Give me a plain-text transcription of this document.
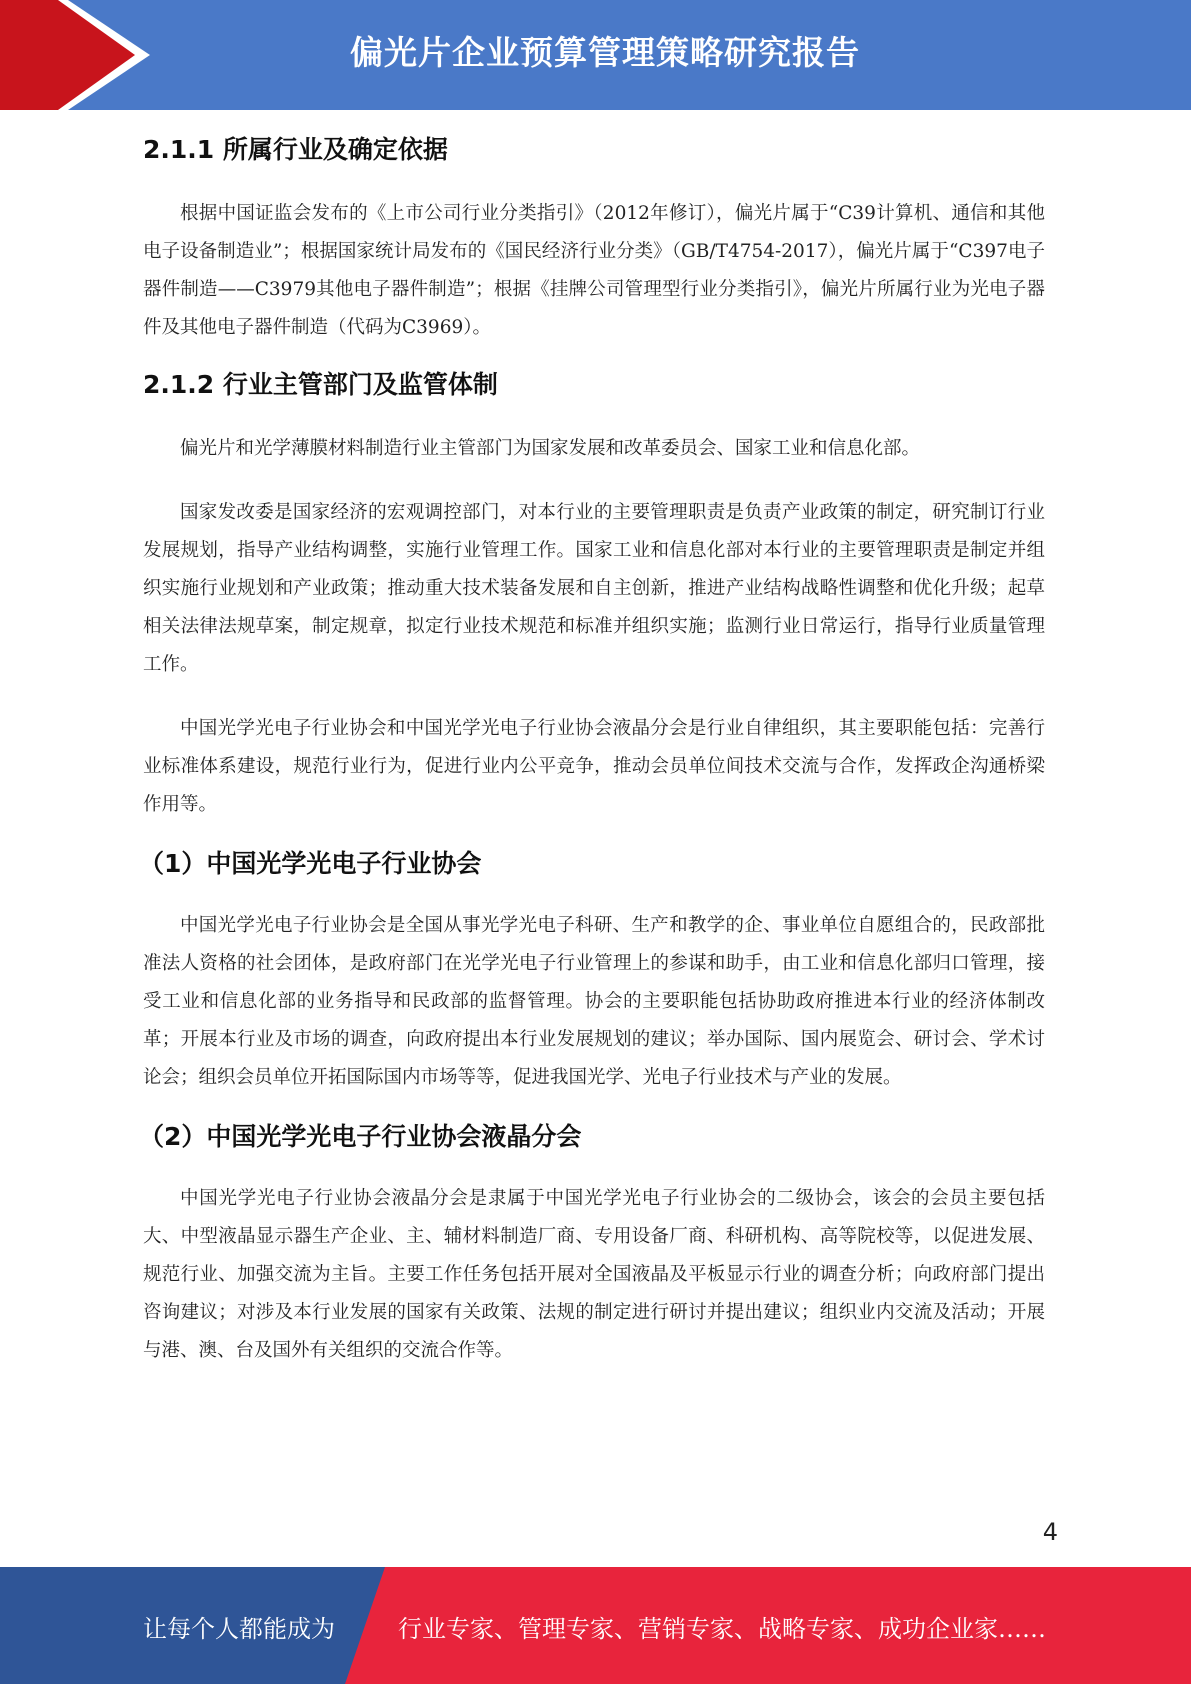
偏光片企业预算管理策略研究报告
2.1.1 所属行业及确定依据

根据中国证监会发布的《上市公司行业分类指引》（2012年修订），偏光片属于“C39计算机、通信和其他电子设备制造业”；根据国家统计局发布的《国民经济行业分类》（GB/T4754-2017），偏光片属于“C397电子器件制造——C3979其他电子器件制造”；根据《挂牌公司管理型行业分类指引》，偏光片所属行业为光电子器件及其他电子器件制造（代码为C3969）。

2.1.2 行业主管部门及监管体制

偏光片和光学薄膜材料制造行业主管部门为国家发展和改革委员会、国家工业和信息化部。

国家发改委是国家经济的宏观调控部门，对本行业的主要管理职责是负责产业政策的制定，研究制订行业发展规划，指导产业结构调整，实施行业管理工作。国家工业和信息化部对本行业的主要管理职责是制定并组织实施行业规划和产业政策；推动重大技术装备发展和自主创新，推进产业结构战略性调整和优化升级；起草相关法律法规草案，制定规章，拟定行业技术规范和标准并组织实施；监测行业日常运行，指导行业质量管理工作。

中国光学光电子行业协会和中国光学光电子行业协会液晶分会是行业自律组织，其主要职能包括：完善行业标准体系建设，规范行业行为，促进行业内公平竞争，推动会员单位间技术交流与合作，发挥政企沟通桥梁作用等。

（1）中国光学光电子行业协会

中国光学光电子行业协会是全国从事光学光电子科研、生产和教学的企、事业单位自愿组合的，民政部批准法人资格的社会团体，是政府部门在光学光电子行业管理上的参谋和助手，由工业和信息化部归口管理，接受工业和信息化部的业务指导和民政部的监督管理。协会的主要职能包括协助政府推进本行业的经济体制改革；开展本行业及市场的调查，向政府提出本行业发展规划的建议；举办国际、国内展览会、研讨会、学术讨论会；组织会员单位开拓国际国内市场等等，促进我国光学、光电子行业技术与产业的发展。

（2）中国光学光电子行业协会液晶分会

中国光学光电子行业协会液晶分会是隶属于中国光学光电子行业协会的二级协会，该会的会员主要包括大、中型液晶显示器生产企业、主、辅材料制造厂商、专用设备厂商、科研机构、高等院校等，以促进发展、规范行业、加强交流为主旨。主要工作任务包括开展对全国液晶及平板显示行业的调查分析；向政府部门提出咨询建议；对涉及本行业发展的国家有关政策、法规的制定进行研讨并提出建议；组织业内交流及活动；开展与港、澳、台及国外有关组织的交流合作等。

4
让每个人都能成为	行业专家、管理专家、营销专家、战略专家、成功企业家……
